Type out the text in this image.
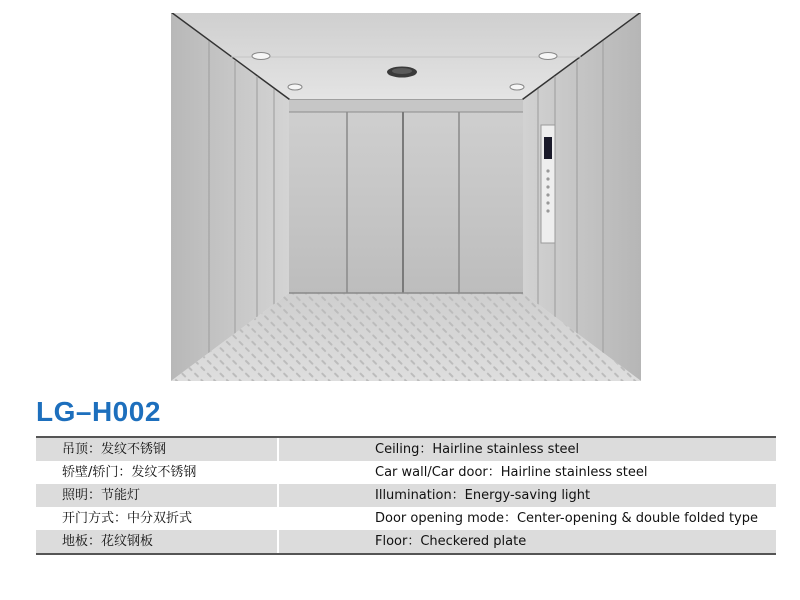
LG–H002
吊顶：发纹不锈钢	Ceiling：Hairline stainless steel
轿壁/轿门：发纹不锈钢	Car wall/Car door：Hairline stainless steel
照明：节能灯	Illumination：Energy-saving light
开门方式：中分双折式	Door opening mode：Center-opening & double folded type
地板：花纹钢板	Floor：Checkered plate
